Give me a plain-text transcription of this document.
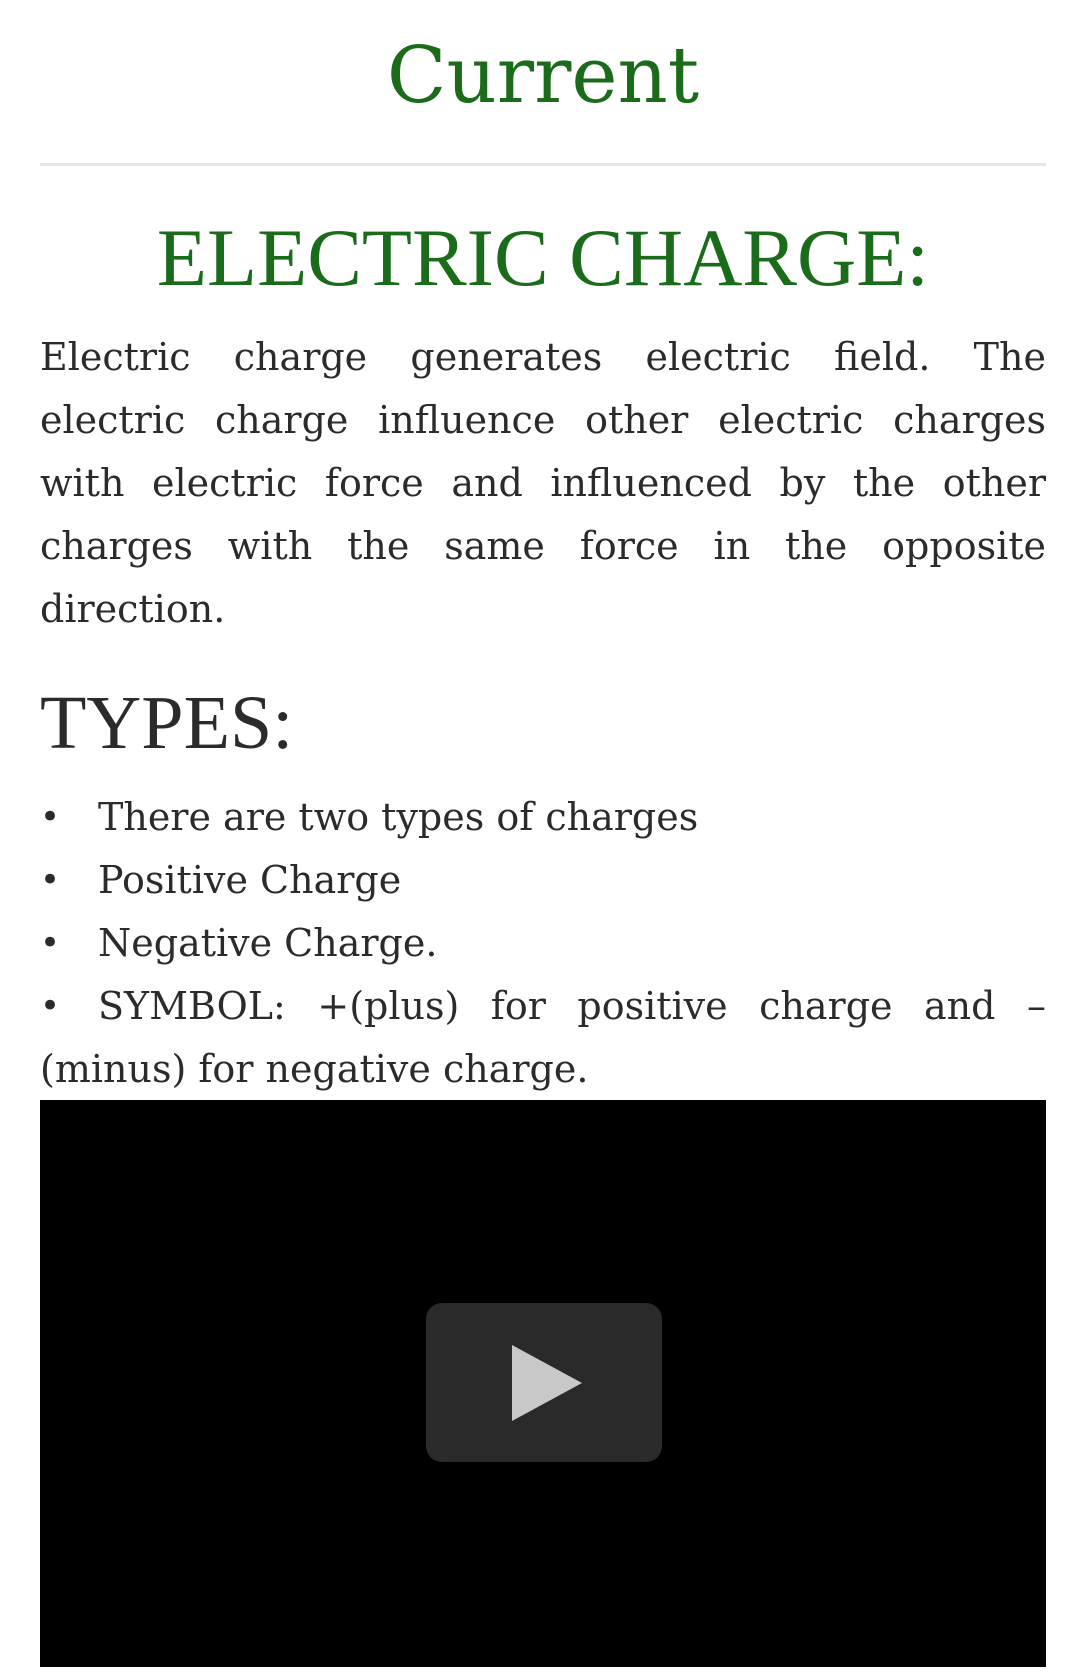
Current
ELECTRIC CHARGE:

Electric charge generates electric field. The electric charge influence other electric charges with electric force and influenced by the other charges with the same force in the opposite direction.

TYPES:
• There are two types of charges
• Positive Charge
• Negative Charge.
• SYMBOL: +(plus) for positive charge and – (minus) for negative charge.
